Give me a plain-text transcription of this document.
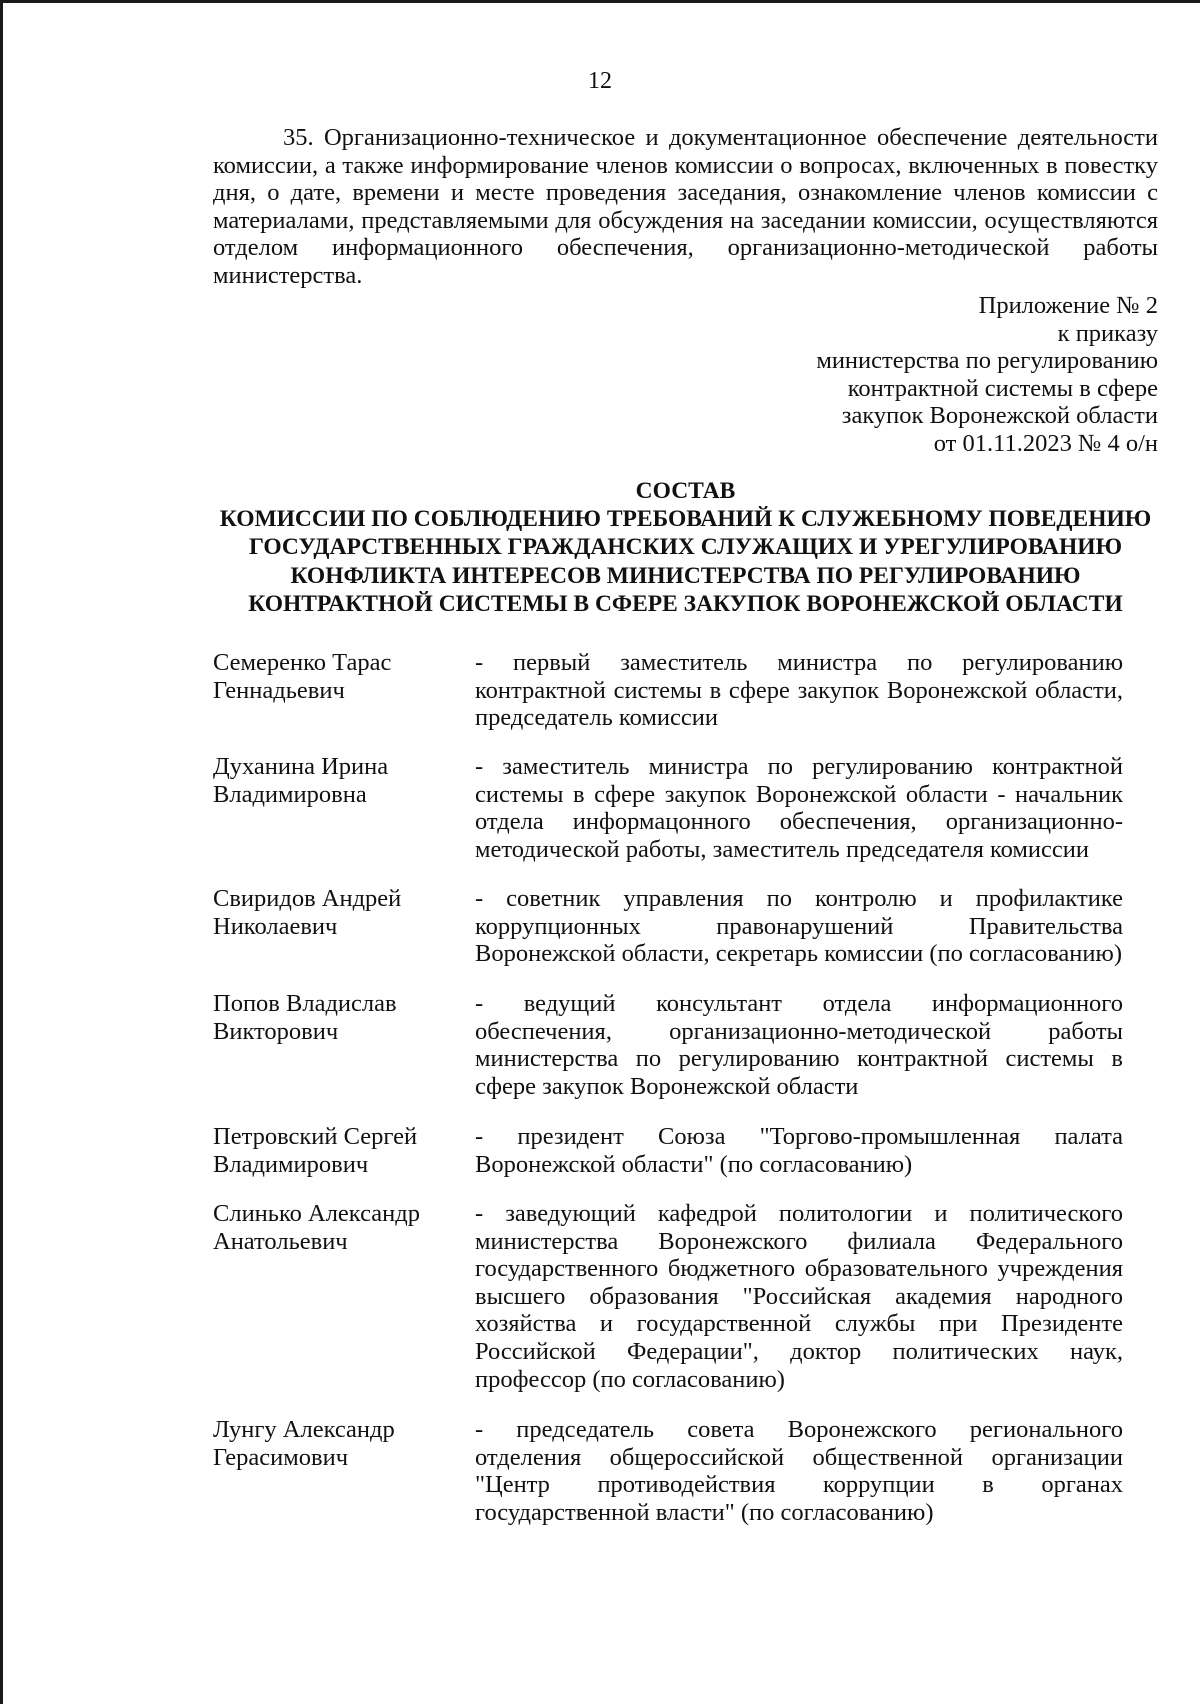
12

35. Организационно-техническое и документационное обеспечение деятельности комиссии, а также информирование членов комиссии о вопросах, включенных в повестку дня, о дате, времени и месте проведения заседания, ознакомление членов комиссии с материалами, представляемыми для обсуждения на заседании комиссии, осуществляются отделом информационного обеспечения, организационно-методической работы министерства.

Приложение № 2
к приказу
министерства по регулированию
контрактной системы в сфере
закупок Воронежской области
от 01.11.2023 № 4 о/н
СОСТАВ
КОМИССИИ ПО СОБЛЮДЕНИЮ ТРЕБОВАНИЙ К СЛУЖЕБНОМУ ПОВЕДЕНИЮ
ГОСУДАРСТВЕННЫХ ГРАЖДАНСКИХ СЛУЖАЩИХ И УРЕГУЛИРОВАНИЮ
КОНФЛИКТА ИНТЕРЕСОВ МИНИСТЕРСТВА ПО РЕГУЛИРОВАНИЮ
КОНТРАКТНОЙ СИСТЕМЫ В СФЕРЕ ЗАКУПОК ВОРОНЕЖСКОЙ ОБЛАСТИ
Семеренко Тарас
Геннадьевич
- первый заместитель министра по регулированию контрактной системы в сфере закупок Воронежской области, председатель комиссии
Духанина Ирина
Владимировна
- заместитель министра по регулированию контрактной системы в сфере закупок Воронежской области - начальник отдела информацонного обеспечения, организационно-методической работы, заместитель председателя комиссии
Свиридов Андрей
Николаевич
- советник управления по контролю и профилактике коррупционных правонарушений Правительства Воронежской области, секретарь комиссии (по согласованию)
Попов Владислав
Викторович
- ведущий консультант отдела информационного обеспечения, организационно-методической работы министерства по регулированию контрактной системы в сфере закупок Воронежской области
Петровский Сергей
Владимирович
- президент Союза "Торгово-промышленная палата Воронежской области" (по согласованию)
Слинько Александр
Анатольевич
- заведующий кафедрой политологии и политического министерства Воронежского филиала Федерального государственного бюджетного образовательного учреждения высшего образования "Российская академия народного хозяйства и государственной службы при Президенте Российской Федерации", доктор политических наук, профессор (по согласованию)
Лунгу Александр
Герасимович
- председатель совета Воронежского регионального отделения общероссийской общественной организации "Центр противодействия коррупции в органах государственной власти" (по согласованию)
